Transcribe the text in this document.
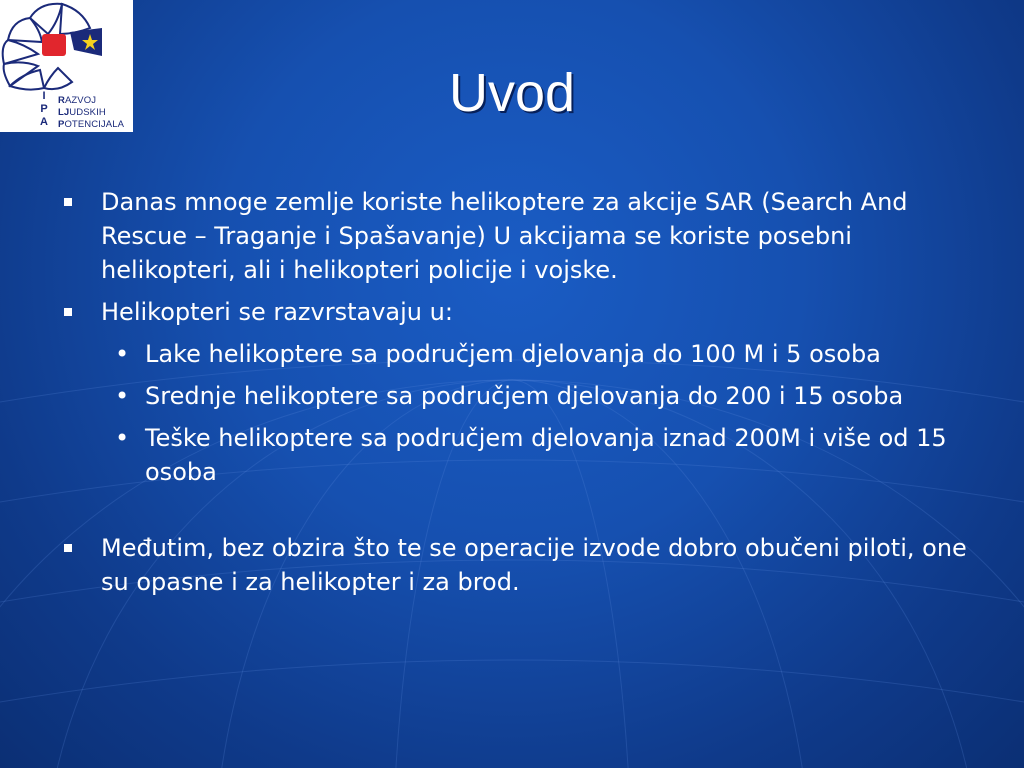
I
P
A
RAZVOJ
LJUDSKIH
POTENCIJALA
Uvod
Danas mnoge zemlje koriste helikoptere za akcije SAR (Search And Rescue – Traganje i Spašavanje) U akcijama se koriste posebni helikopteri, ali i helikopteri policije i vojske.
Helikopteri se razvrstavaju u:
• Lake helikoptere sa područjem djelovanja do 100 M i 5 osoba
• Srednje helikoptere sa područjem djelovanja do 200 i 15 osoba
• Teške helikoptere sa područjem djelovanja iznad 200M i više od 15 osoba
Međutim, bez obzira što te se operacije izvode dobro obučeni piloti, one su opasne i za helikopter i za brod.
